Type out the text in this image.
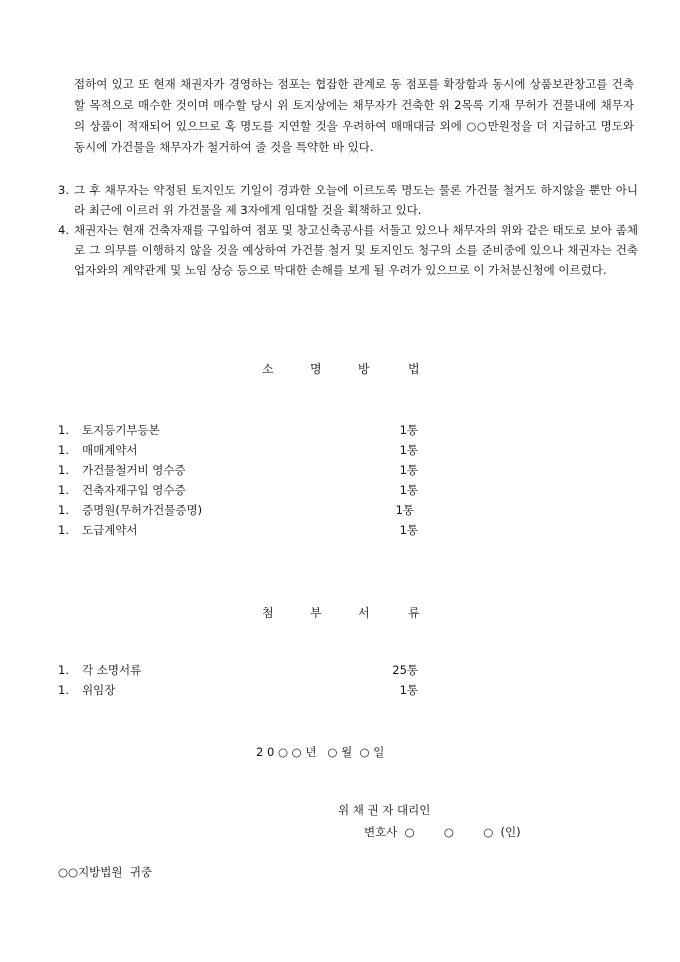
접하여 있고 또 현재 채권자가 경영하는 점포는 협잡한 관계로 동 점포를 확장함과 동시에 상품보관창고를 건축할 목적으로 매수한 것이며 매수할 당시 위 토지상에는 채무자가 건축한 위 2목록 기재 무허가 건물내에 채무자의 상품이 적재되어 있으므로 혹 명도를 지연할 것을 우려하여 매매대금 외에 ○○만원정을 더 지급하고 명도와 동시에 가건물을 채무자가 철거하여 줄 것을 특약한 바 있다.
3. 그 후 채무자는 약정된 토지인도 기일이 경과한 오늘에 이르도록 명도는 물론 가건물 철거도 하지않을 뿐만 아니라 최근에 이르러 위 가건물을 제 3자에게 임대할 것을 획책하고 있다.
4. 채권자는 현재 건축자재를 구입하여 점포 및 창고신축공사를 서둘고 있으나 채무자의 위와 같은 태도로 보아 좀체로 그 의무를 이행하지 않을 것을 예상하여 가건물 철거 및 토지인도 청구의 소를 준비중에 있으나 채권자는 건축업자와의 계약관계 및 노임 상승 등으로 막대한 손해를 보게 될 우려가 있으므로 이 가처분신청에 이르렀다.
소	명	방	법
1. 토지등기부등본	1통
1. 매매계약서	1통
1. 가건물철거비 영수증	1통
1. 건축자재구입 영수증	1통
1. 증명원(무허가건물증명)	1통
1. 도급계약서	1통
첨	부	서	류
1. 각 소명서류	25통
1. 위임장	1통
2 0 ○ ○ 년   ○ 월  ○ 일
위 채 권 자 대리인
변호사  ○        ○        ○  (인)
○○지방법원  귀중
